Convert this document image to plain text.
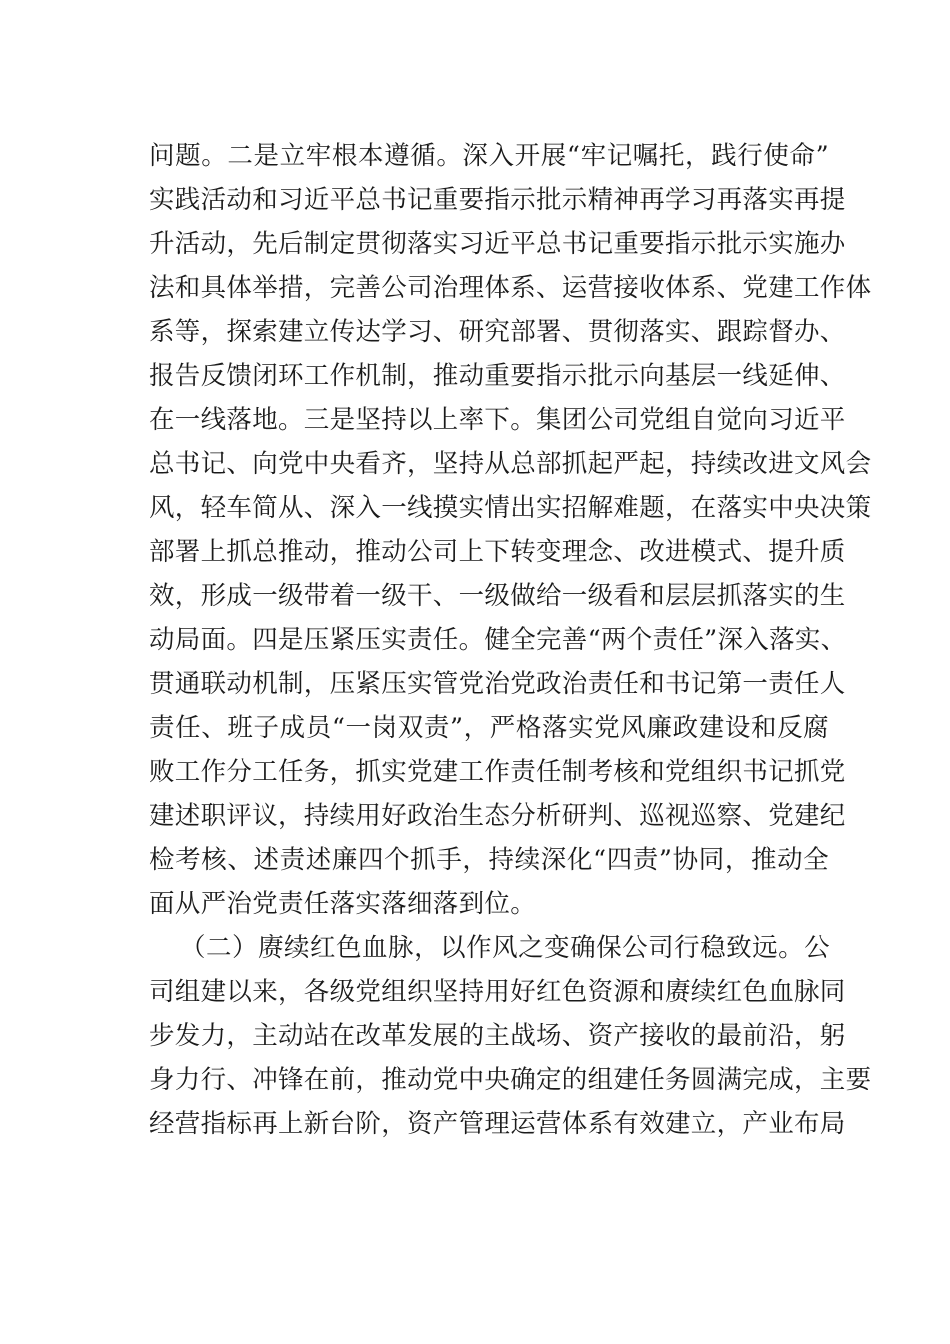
问题。二是立牢根本遵循。深入开展“牢记嘱托，践行使命”
实践活动和习近平总书记重要指示批示精神再学习再落实再提
升活动，先后制定贯彻落实习近平总书记重要指示批示实施办
法和具体举措，完善公司治理体系、运营接收体系、党建工作体
系等，探索建立传达学习、研究部署、贯彻落实、跟踪督办、
报告反馈闭环工作机制，推动重要指示批示向基层一线延伸、
在一线落地。三是坚持以上率下。集团公司党组自觉向习近平
总书记、向党中央看齐，坚持从总部抓起严起，持续改进文风会
风，轻车简从、深入一线摸实情出实招解难题，在落实中央决策
部署上抓总推动，推动公司上下转变理念、改进模式、提升质
效，形成一级带着一级干、一级做给一级看和层层抓落实的生
动局面。四是压紧压实责任。健全完善“两个责任”深入落实、
贯通联动机制，压紧压实管党治党政治责任和书记第一责任人
责任、班子成员“一岗双责”，严格落实党风廉政建设和反腐
败工作分工任务，抓实党建工作责任制考核和党组织书记抓党
建述职评议，持续用好政治生态分析研判、巡视巡察、党建纪
检考核、述责述廉四个抓手，持续深化“四责”协同，推动全
面从严治党责任落实落细落到位。
（二）赓续红色血脉，以作风之变确保公司行稳致远。公
司组建以来，各级党组织坚持用好红色资源和赓续红色血脉同
步发力，主动站在改革发展的主战场、资产接收的最前沿，躬
身力行、冲锋在前，推动党中央确定的组建任务圆满完成，主要
经营指标再上新台阶，资产管理运营体系有效建立，产业布局
